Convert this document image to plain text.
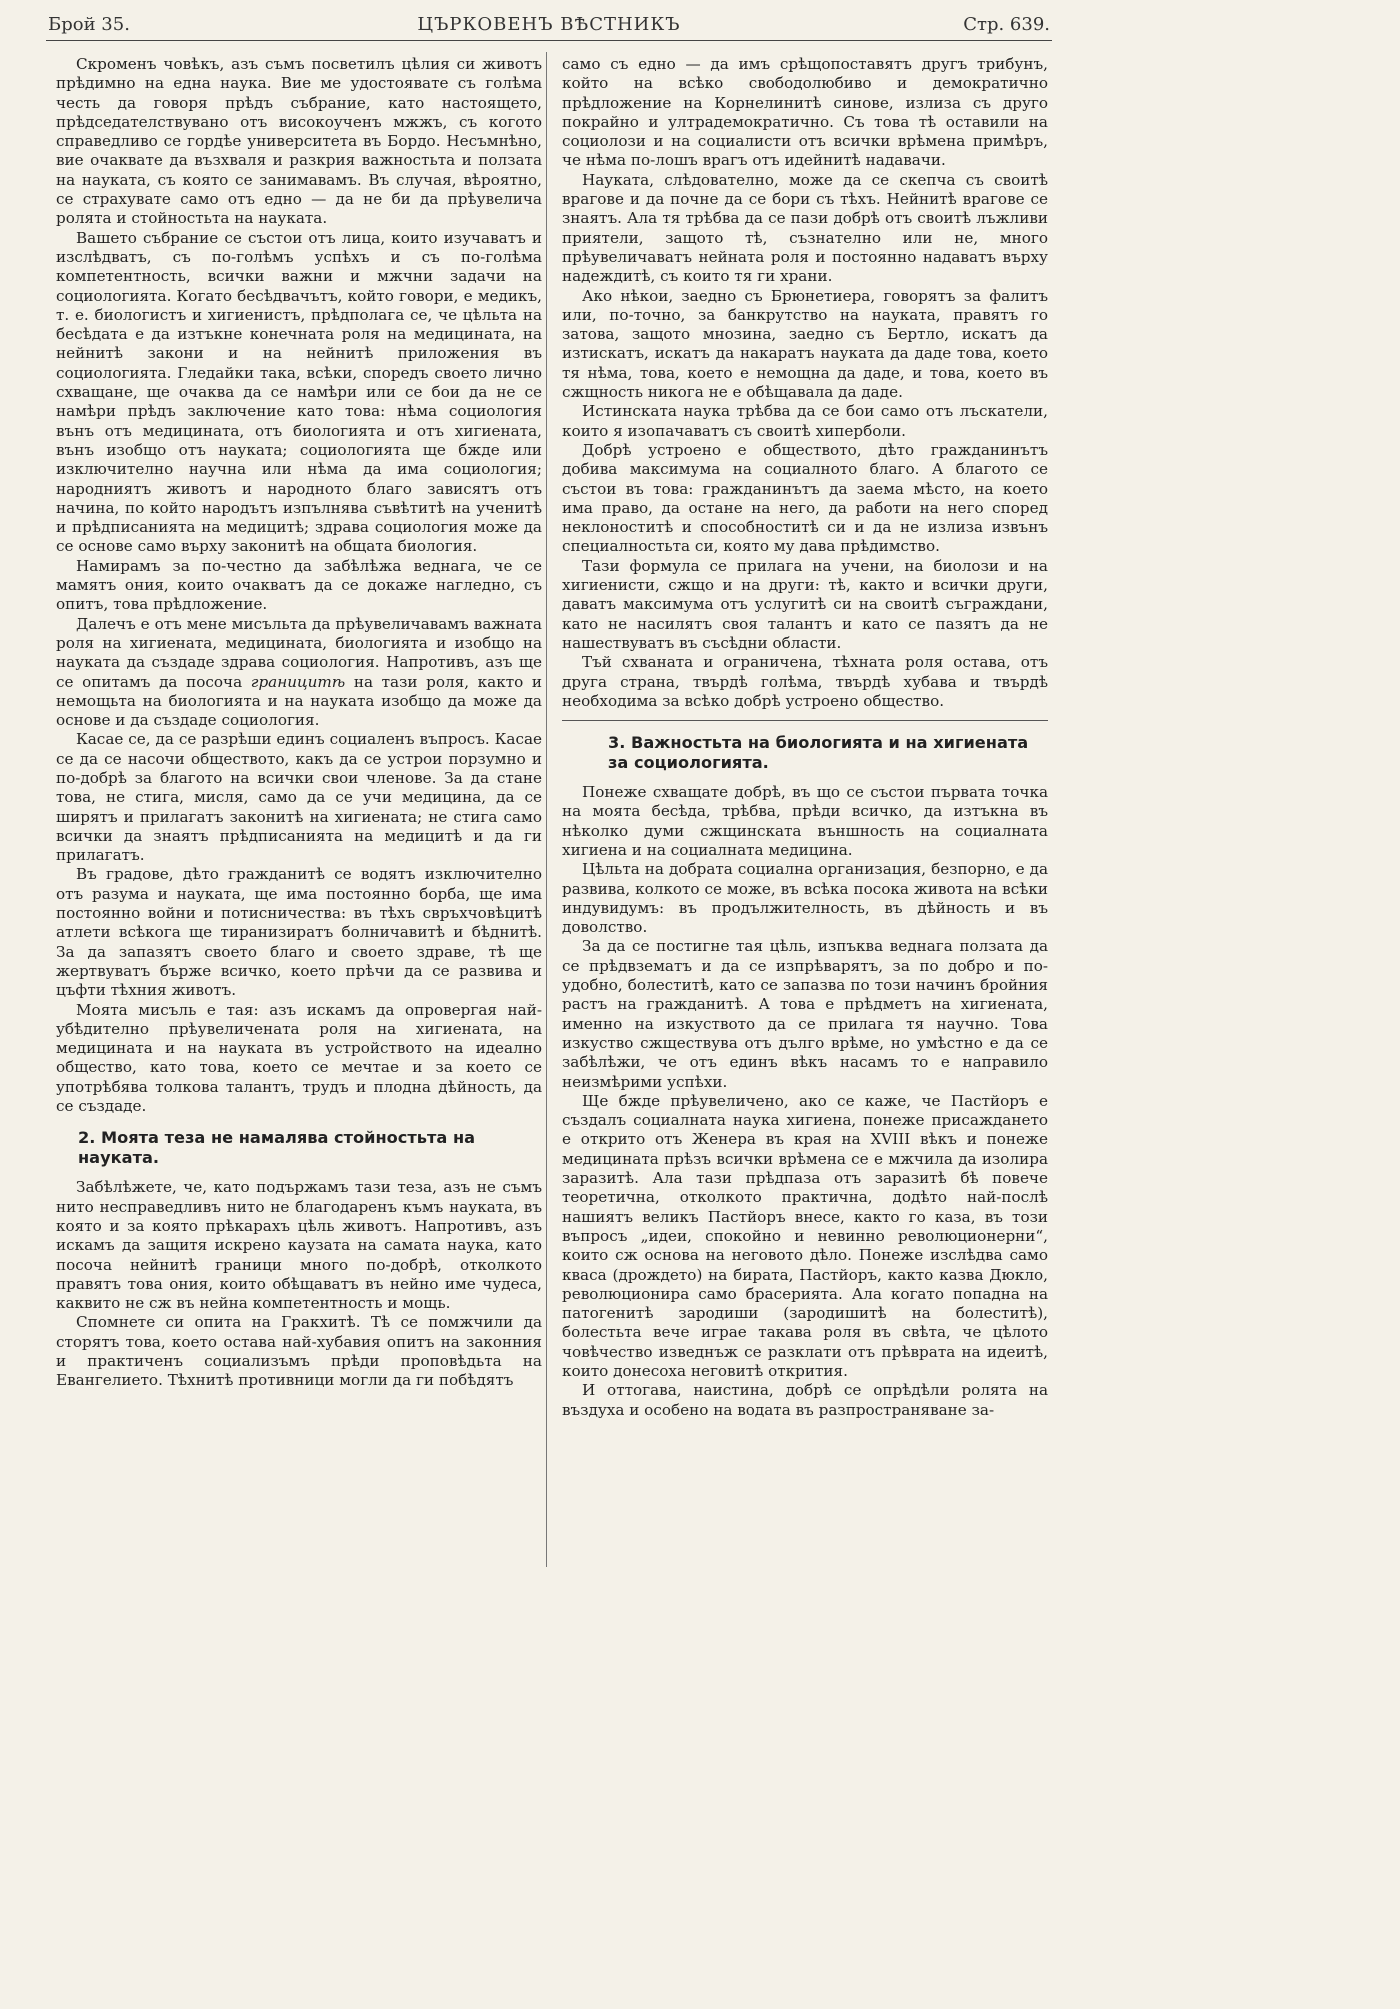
Брой 35.	ЦЪРКОВЕНЪ ВѢСТНИКЪ	Стр. 639.

Скроменъ човѣкъ, азъ съмъ посветилъ цѣлия си животъ прѣдимно на една наука. Вие ме удостоявате съ голѣма честь да говоря прѣдъ събрание, като настоящето, прѣдседателствувано отъ високоученъ мжжъ, съ когото справедливо се гордѣе университета въ Бордо. Несъмнѣно, вие очаквате да възхваля и разкрия важностьта и ползата на науката, съ която се занимавамъ. Въ случая, вѣроятно, се страхувате само отъ едно — да не би да прѣувелича ролята и стойностьта на науката.

Вашето събрание се състои отъ лица, които изучаватъ и изслѣдватъ, съ по-голѣмъ успѣхъ и съ по-голѣма компетентность, всички важни и мжчни задачи на социологията. Когато бесѣдвачътъ, който говори, е медикъ, т. е. биологистъ и хигиенистъ, прѣдполага се, че цѣльта на бесѣдата е да изтъкне конечната роля на медицината, на нейнитѣ закони и на нейнитѣ приложения въ социологията. Гледайки така, всѣки, споредъ своето лично схващане, ще очаква да се намѣри или се бои да не се намѣри прѣдъ заключение като това: нѣма социология вънъ отъ медицината, отъ биологията и отъ хигиената, вънъ изобщо отъ науката; социологията ще бжде или изключително научна или нѣма да има социология; народниятъ животъ и народното благо зависятъ отъ начина, по който народътъ изпълнява съвѣтитѣ на ученитѣ и прѣдписанията на медицитѣ; здрава социология може да се основе само върху законитѣ на общата биология.

Намирамъ за по-честно да забѣлѣжа веднага, че се мамятъ ония, които очакватъ да се докаже нагледно, съ опитъ, това прѣдложение.

Далечъ е отъ мене мисъльта да прѣувеличавамъ важната роля на хигиената, медицината, биологията и изобщо на науката да създаде здрава социология. Напротивъ, азъ ще се опитамъ да посоча границитѣ на тази роля, както и немощьта на биологията и на науката изобщо да може да основе и да създаде социология.

Касае се, да се разрѣши единъ социаленъ въпросъ. Касае се да се насочи обществото, какъ да се устрои порзумно и по-добрѣ за благото на всички свои членове. За да стане това, не стига, мисля, само да се учи медицина, да се ширятъ и прилагатъ законитѣ на хигиената; не стига само всички да знаятъ прѣдписанията на медицитѣ и да ги прилагатъ.

Въ градове, дѣто гражданитѣ се водятъ изключително отъ разума и науката, ще има постоянно борба, ще има постоянно войни и потисничества: въ тѣхъ свръхчовѣцитѣ атлети всѣкога ще тиранизиратъ болничавитѣ и бѣднитѣ. За да запазятъ своето благо и своето здраве, тѣ ще жертвуватъ бърже всичко, което прѣчи да се развива и цъфти тѣхния животъ.

Моята мисъль е тая: азъ искамъ да опровергая най-убѣдително прѣувеличената роля на хигиената, на медицината и на науката въ устройството на идеално общество, като това, което се мечтае и за което се употрѣбява толкова талантъ, трудъ и плодна дѣйность, да се създаде.

2. Моята теза не намалява стойностьта на науката.

Забѣлѣжете, че, като подържамъ тази теза, азъ не съмъ нито несправедливъ нито не благодаренъ къмъ науката, въ която и за която прѣкарахъ цѣль животъ. Напротивъ, азъ искамъ да защитя искрено каузата на самата наука, като посоча нейнитѣ граници много по-добрѣ, отколкото правятъ това ония, които обѣщаватъ въ нейно име чудеса, каквито не сж въ нейна компетентность и мощь.

Спомнете си опита на Гракхитѣ. Тѣ се помжчили да сторятъ това, което остава най-хубавия опитъ на законния и практиченъ социализъмъ прѣди проповѣдьта на Евангелието. Тѣхнитѣ противници могли да ги побѣдятъ

само съ едно — да имъ срѣщопоставятъ другъ трибунъ, който на всѣко свободолюбиво и демократично прѣдложение на Корнелинитѣ синове, излиза съ друго покрайно и ултрадемократично. Съ това тѣ оставили на социолози и на социалисти отъ всички врѣмена примѣръ, че нѣма по-лошъ врагъ отъ идейнитѣ надавачи.

Науката, слѣдователно, може да се скепча съ своитѣ врагове и да почне да се бори съ тѣхъ. Нейнитѣ врагове се знаятъ. Ала тя трѣбва да се пази добрѣ отъ своитѣ лъжливи приятели, защото тѣ, съзнателно или не, много прѣувеличаватъ нейната роля и постоянно надаватъ върху надеждитѣ, съ които тя ги храни.

Ако нѣкои, заедно съ Брюнетиера, говорятъ за фалитъ или, по-точно, за банкрутство на науката, правятъ го затова, защото мнозина, заедно съ Бертло, искатъ да изтискатъ, искатъ да накаратъ науката да даде това, което тя нѣма, това, което е немощна да даде, и това, което въ сжщность никога не е обѣщавала да даде.

Истинската наука трѣбва да се бои само отъ лъскатели, които я изопачаватъ съ своитѣ хиперболи.

Добрѣ устроено е обществото, дѣто гражданинътъ добива максимума на социалното благо. А благото се състои въ това: гражданинътъ да заема мѣсто, на което има право, да остане на него, да работи на него според неклоноститѣ и способноститѣ си и да не излиза извънъ специалностьта си, която му дава прѣдимство.

Тази формула се прилага на учени, на биолози и на хигиенисти, сжщо и на други: тѣ, както и всички други, даватъ максимума отъ услугитѣ си на своитѣ съграждани, като не насилятъ своя талантъ и като се пазятъ да не нашествуватъ въ съсѣдни области.

Тъй схваната и ограничена, тѣхната роля остава, отъ друга страна, твърдѣ голѣма, твърдѣ хубава и твърдѣ необходима за всѣко добрѣ устроено общество.

3. Важностьта на биологията и на хигиената за социологията.

Понеже схващате добрѣ, въ що се състои първата точка на моята бесѣда, трѣбва, прѣди всичко, да изтъкна въ нѣколко думи сжщинската външность на социалната хигиена и на социалната медицина.

Цѣльта на добрата социална организация, безпорно, е да развива, колкото се може, въ всѣка посока живота на всѣки индувидумъ: въ продължителность, въ дѣйность и въ доволство.

За да се постигне тая цѣль, изпъква веднага ползата да се прѣдвзематъ и да се изпрѣварятъ, за по добро и по-удобно, болеститѣ, като се запазва по този начинъ бройния растъ на гражданитѣ. А това е прѣдметъ на хигиената, именно на изкуството да се прилага тя научно. Това изкуство сжществува отъ дълго врѣме, но умѣстно е да се забѣлѣжи, че отъ единъ вѣкъ насамъ то е направило неизмѣрими успѣхи.

Ще бжде прѣувеличено, ако се каже, че Пастйоръ е създалъ социалната наука хигиена, понеже присаждането е открито отъ Женера въ края на XVIII вѣкъ и понеже медицината прѣзъ всички врѣмена се е мжчила да изолира заразитѣ. Ала тази прѣдпаза отъ заразитѣ бѣ повече теоретична, отколкото практична, додѣто най-послѣ нашиятъ великъ Пастйоръ внесе, както го каза, въ този въпросъ „идеи, спокойно и невинно революционерни“, които сж основа на неговото дѣло. Понеже изслѣдва само кваса (дрождето) на бирата, Пастйоръ, както казва Дюкло, революционира само брасерията. Ала когато попадна на патогенитѣ зародиши (зародишитѣ на болеститѣ), болестьта вече играе такава роля въ свѣта, че цѣлото човѣчество изведнъж се разклати отъ прѣврата на идеитѣ, които донесоха неговитѣ открития.

И оттогава, наистина, добрѣ се опрѣдѣли ролята на въздуха и особено на водата въ разпространяване за-
